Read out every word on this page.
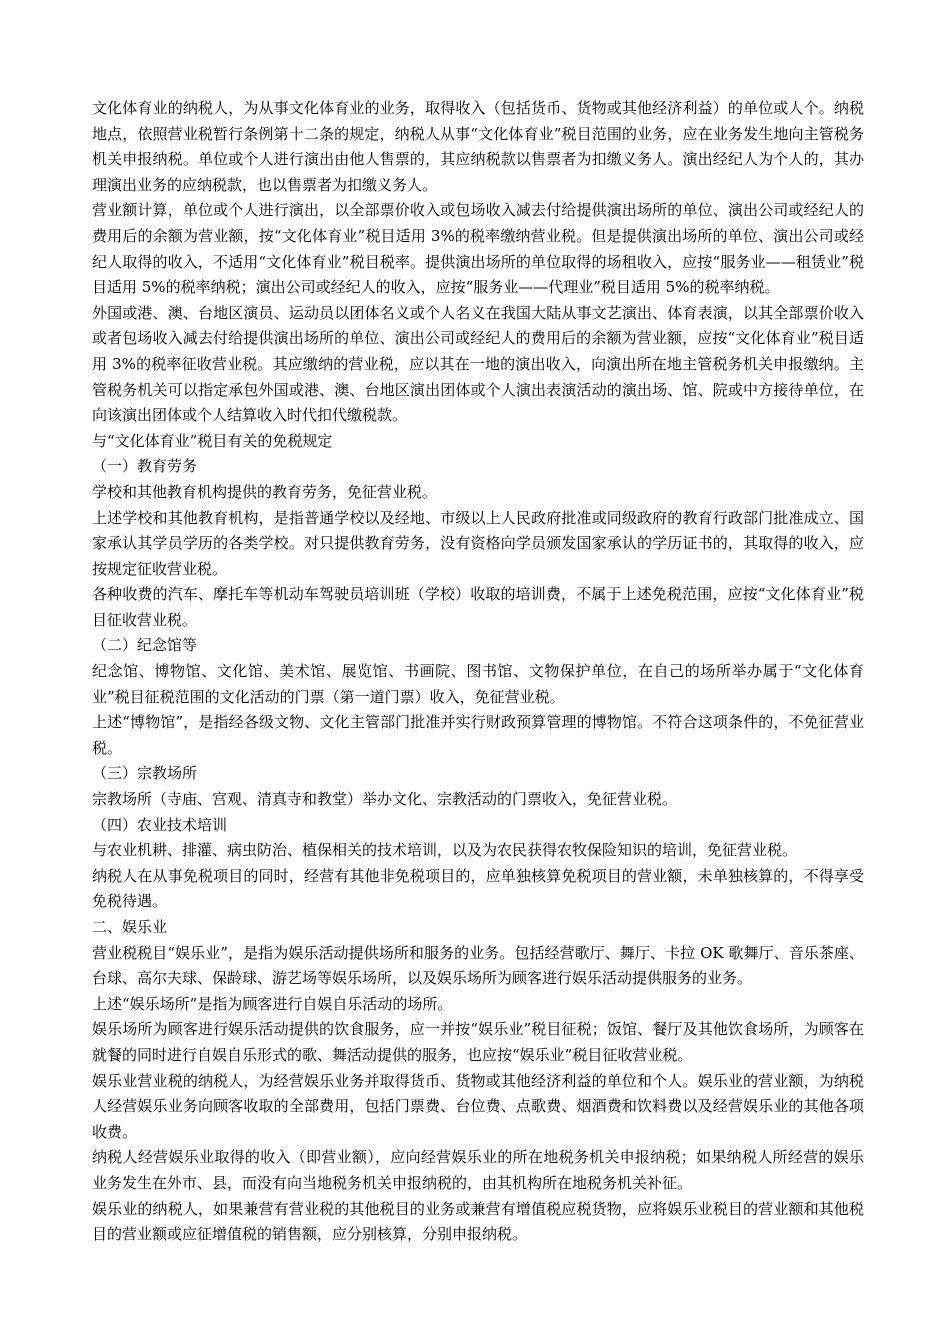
文化体育业的纳税人，为从事文化体育业的业务，取得收入（包括货币、货物或其他经济利益）的单位或人个。纳税地点，依照营业税暂行条例第十二条的规定，纳税人从事“文化体育业”税目范围的业务，应在业务发生地向主管税务机关申报纳税。单位或个人进行演出由他人售票的，其应纳税款以售票者为扣缴义务人。演出经纪人为个人的，其办理演出业务的应纳税款，也以售票者为扣缴义务人。

营业额计算，单位或个人进行演出，以全部票价收入或包场收入减去付给提供演出场所的单位、演出公司或经纪人的费用后的余额为营业额，按“文化体育业”税目适用 3%的税率缴纳营业税。但是提供演出场所的单位、演出公司或经纪人取得的收入，不适用“文化体育业”税目税率。提供演出场所的单位取得的场租收入，应按“服务业——租赁业”税目适用 5%的税率纳税；演出公司或经纪人的收入，应按“服务业——代理业”税目适用 5%的税率纳税。

外国或港、澳、台地区演员、运动员以团体名义或个人名义在我国大陆从事文艺演出、体育表演，以其全部票价收入或者包场收入减去付给提供演出场所的单位、演出公司或经纪人的费用后的余额为营业额，应按“文化体育业”税目适用 3%的税率征收营业税。其应缴纳的营业税，应以其在一地的演出收入，向演出所在地主管税务机关申报缴纳。主管税务机关可以指定承包外国或港、澳、台地区演出团体或个人演出表演活动的演出场、馆、院或中方接待单位，在向该演出团体或个人结算收入时代扣代缴税款。

与“文化体育业”税目有关的免税规定

（一）教育劳务

学校和其他教育机构提供的教育劳务，免征营业税。

上述学校和其他教育机构，是指普通学校以及经地、市级以上人民政府批准或同级政府的教育行政部门批准成立、国家承认其学员学历的各类学校。对只提供教育劳务，没有资格向学员颁发国家承认的学历证书的，其取得的收入，应按规定征收营业税。

各种收费的汽车、摩托车等机动车驾驶员培训班（学校）收取的培训费，不属于上述免税范围，应按“文化体育业”税目征收营业税。

（二）纪念馆等

纪念馆、博物馆、文化馆、美术馆、展览馆、书画院、图书馆、文物保护单位，在自己的场所举办属于“文化体育业”税目征税范围的文化活动的门票（第一道门票）收入，免征营业税。

上述“博物馆”，是指经各级文物、文化主管部门批准并实行财政预算管理的博物馆。不符合这项条件的，不免征营业税。

（三）宗教场所

宗教场所（寺庙、宫观、清真寺和教堂）举办文化、宗教活动的门票收入，免征营业税。

（四）农业技术培训

与农业机耕、排灌、病虫防治、植保相关的技术培训，以及为农民获得农牧保险知识的培训，免征营业税。

纳税人在从事免税项目的同时，经营有其他非免税项目的，应单独核算免税项目的营业额，未单独核算的，不得享受免税待遇。

二、娱乐业

营业税税目“娱乐业”，是指为娱乐活动提供场所和服务的业务。包括经营歌厅、舞厅、卡拉 OK 歌舞厅、音乐茶座、台球、高尔夫球、保龄球、游艺场等娱乐场所，以及娱乐场所为顾客进行娱乐活动提供服务的业务。

上述“娱乐场所”是指为顾客进行自娱自乐活动的场所。

娱乐场所为顾客进行娱乐活动提供的饮食服务，应一并按“娱乐业”税目征税；饭馆、餐厅及其他饮食场所，为顾客在就餐的同时进行自娱自乐形式的歌、舞活动提供的服务，也应按“娱乐业”税目征收营业税。

娱乐业营业税的纳税人，为经营娱乐业务并取得货币、货物或其他经济利益的单位和个人。娱乐业的营业额，为纳税人经营娱乐业务向顾客收取的全部费用，包括门票费、台位费、点歌费、烟酒费和饮料费以及经营娱乐业的其他各项收费。

纳税人经营娱乐业取得的收入（即营业额），应向经营娱乐业的所在地税务机关申报纳税；如果纳税人所经营的娱乐业务发生在外市、县，而没有向当地税务机关申报纳税的，由其机构所在地税务机关补征。

娱乐业的纳税人，如果兼营有营业税的其他税目的业务或兼营有增值税应税货物，应将娱乐业税目的营业额和其他税目的营业额或应征增值税的销售额，应分别核算，分别申报纳税。
